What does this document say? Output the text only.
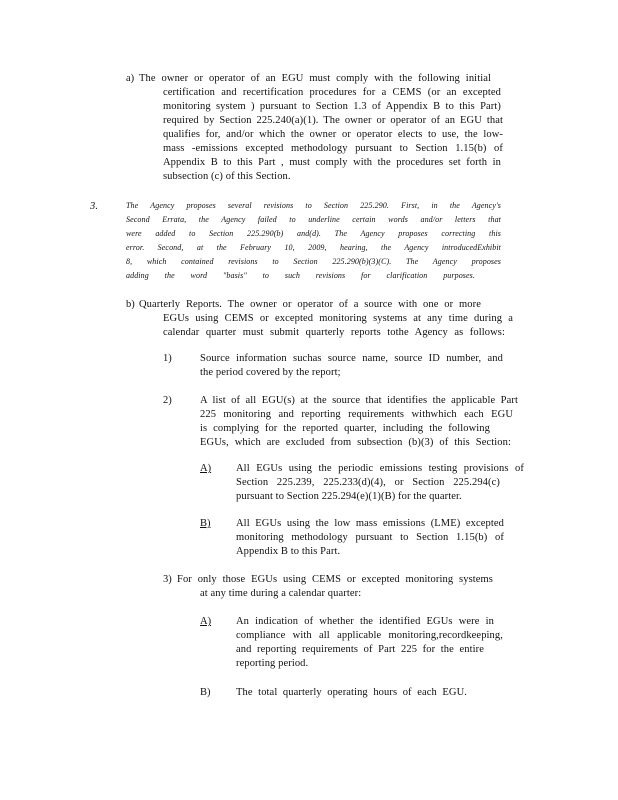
a) The owner or operator of an EGU must comply with the following initial
certification and recertification procedures for a CEMS (or an excepted
monitoring system ) pursuant to Section 1.3 of Appendix B to this Part)
required by Section 225.240(a)(1). The owner or operator of an EGU that
qualifies for, and/or which the owner or operator elects to use, the low-
mass -emissions excepted methodology pursuant to Section 1.15(b) of
Appendix B to this Part , must comply with the procedures set forth in
subsection (c) of this Section.
3.	The Agency proposes several revisions to Section 225.290. First, in the Agency's
Second Errata, the Agency failed to underline certain words and/or letters that
were added to Section 225.290(b) and(d). The Agency proposes correcting this
error. Second, at the February 10, 2009, hearing, the Agency introducedExhibit
8, which contained revisions to Section 225.290(b)(3)(C). The Agency proposes
adding the word "basis" to such revisions for clarification purposes.
b) Quarterly Reports. The owner or operator of a source with one or more
EGUs using CEMS or excepted monitoring systems at any time during a
calendar quarter must submit quarterly reports tothe Agency as follows:
1)	Source information suchas source name, source ID number, and
the period covered by the report;
2)	A list of all EGU(s) at the source that identifies the applicable Part
225 monitoring and reporting requirements withwhich each EGU
is complying for the reported quarter, including the following
EGUs, which are excluded from subsection (b)(3) of this Section:
A)	All EGUs using the periodic emissions testing provisions of
Section 225.239, 225.233(d)(4), or Section 225.294(c)
pursuant to Section 225.294(e)(1)(B) for the quarter.
B)	All EGUs using the low mass emissions (LME) excepted
monitoring methodology pursuant to Section 1.15(b) of
Appendix B to this Part.
3) For only those EGUs using CEMS or excepted monitoring systems
at any time during a calendar quarter:
A)	An indication of whether the identified EGUs were in
compliance with all applicable monitoring,recordkeeping,
and reporting requirements of Part 225 for the entire
reporting period.
B) The total quarterly operating hours of each EGU.
